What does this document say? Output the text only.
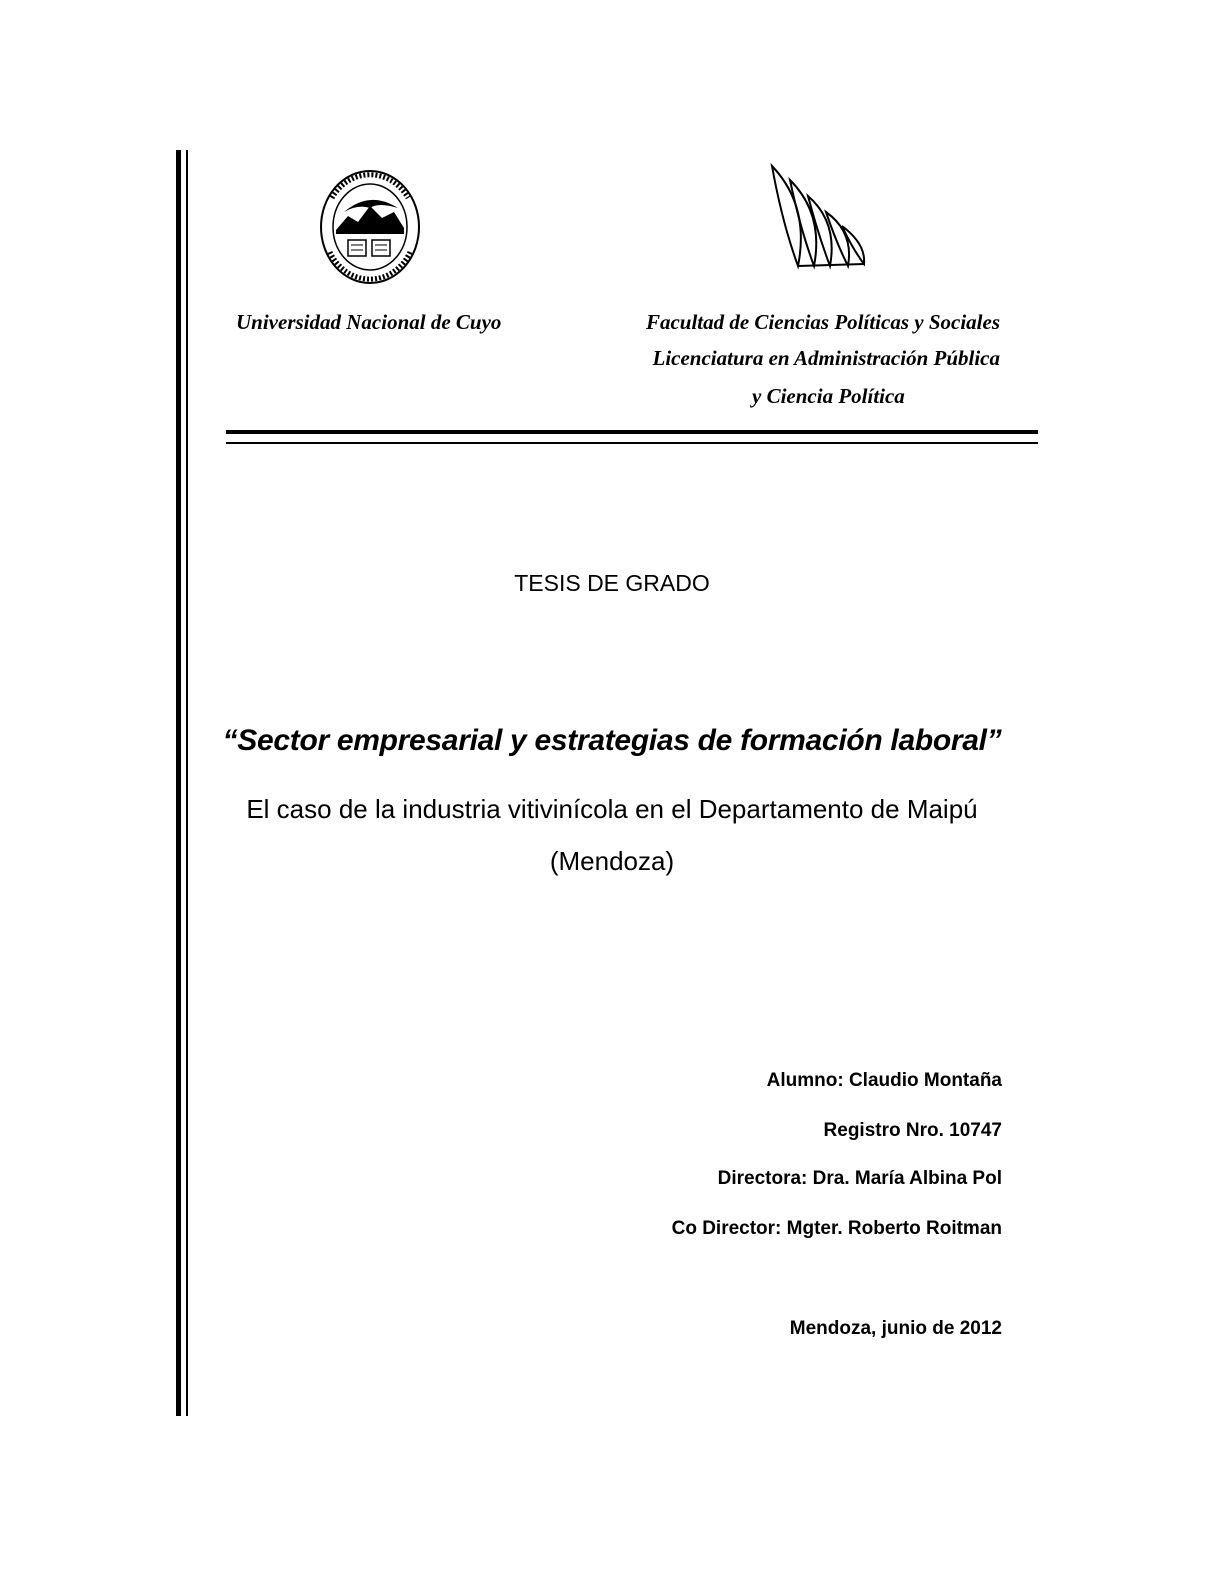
Universidad Nacional de Cuyo	Facultad de Ciencias Políticas y Sociales
Licenciatura en Administración Pública
y Ciencia Política
TESIS DE GRADO
“Sector empresarial y estrategias de formación laboral”
El caso de la industria vitivinícola en el Departamento de Maipú
(Mendoza)
Alumno: Claudio Montaña
Registro Nro. 10747
Directora: Dra. María Albina Pol
Co Director: Mgter. Roberto Roitman
Mendoza, junio de 2012
